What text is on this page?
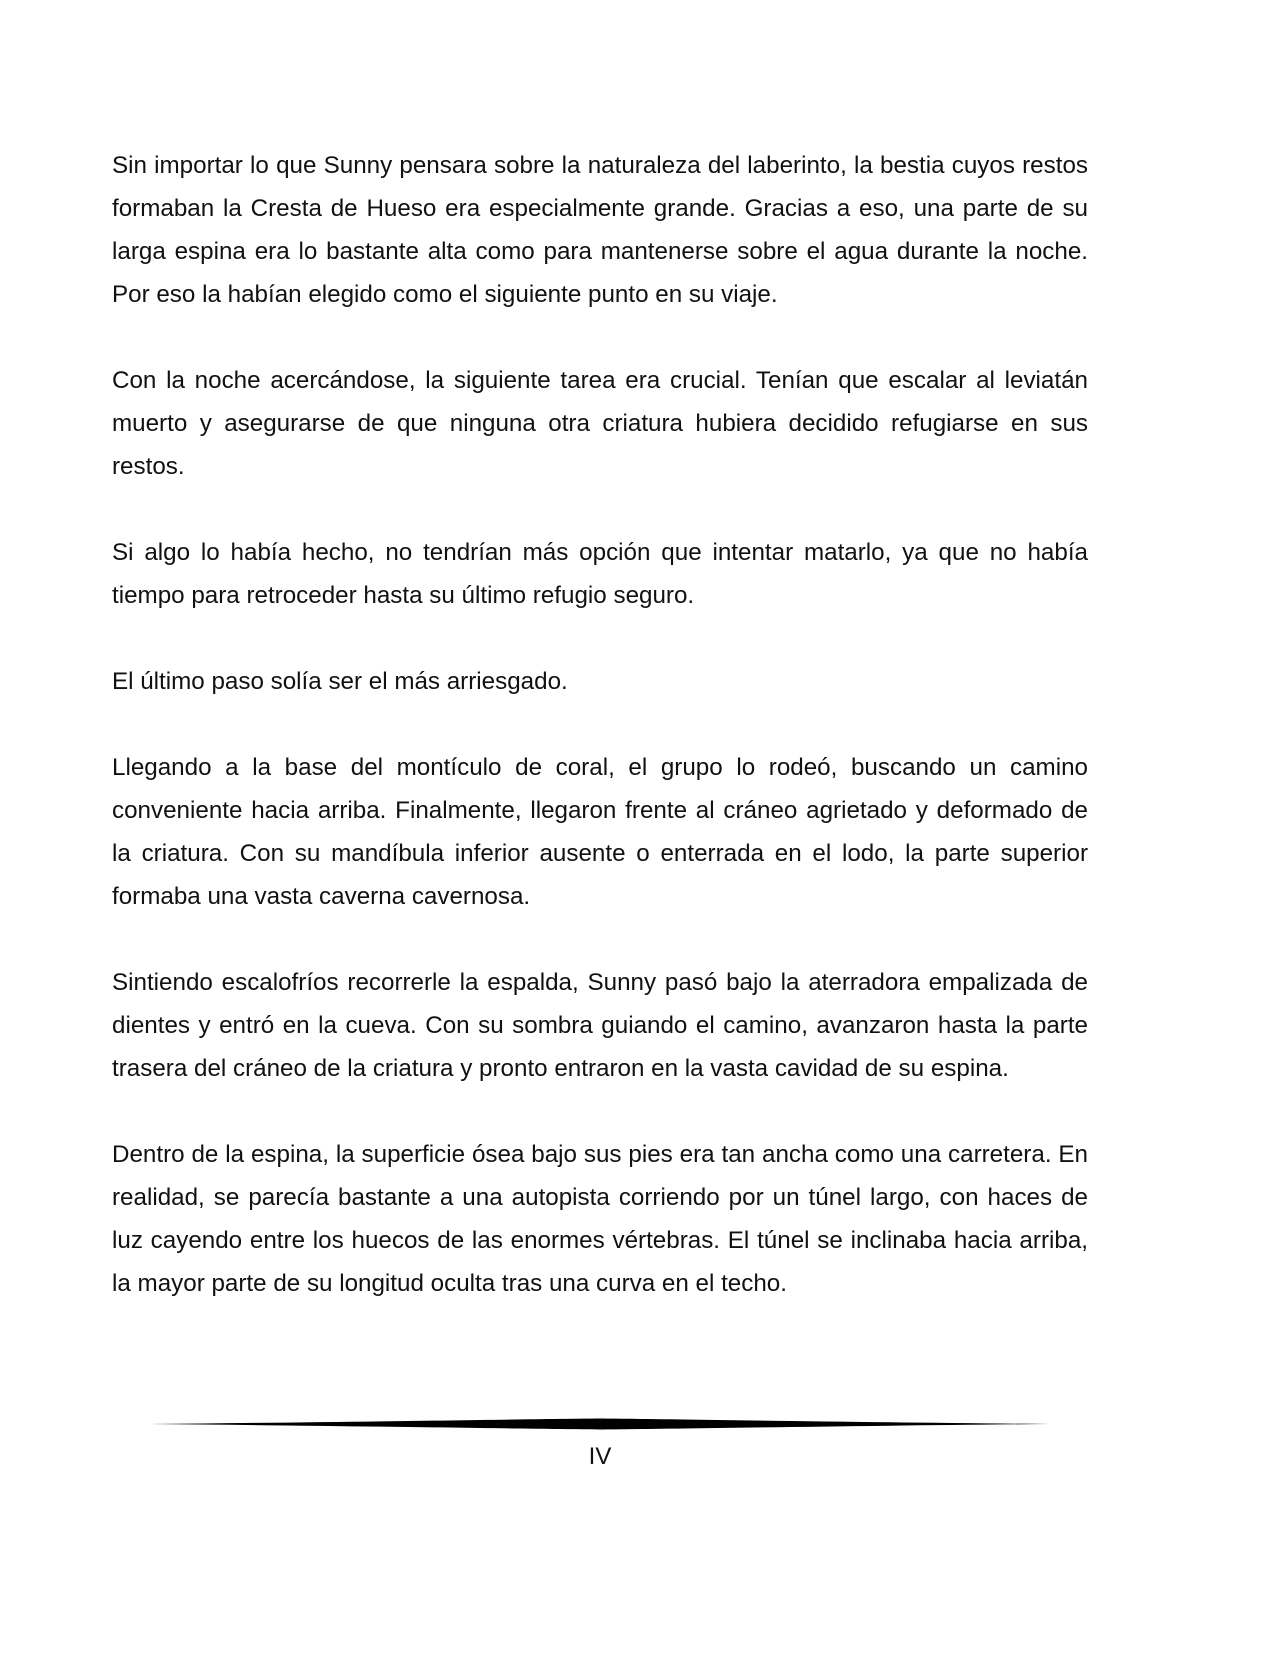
Sin importar lo que Sunny pensara sobre la naturaleza del laberinto, la bestia cuyos restos formaban la Cresta de Hueso era especialmente grande. Gracias a eso, una parte de su larga espina era lo bastante alta como para mantenerse sobre el agua durante la noche. Por eso la habían elegido como el siguiente punto en su viaje.

Con la noche acercándose, la siguiente tarea era crucial. Tenían que escalar al leviatán muerto y asegurarse de que ninguna otra criatura hubiera decidido refugiarse en sus restos.

Si algo lo había hecho, no tendrían más opción que intentar matarlo, ya que no había tiempo para retroceder hasta su último refugio seguro.

El último paso solía ser el más arriesgado.

Llegando a la base del montículo de coral, el grupo lo rodeó, buscando un camino conveniente hacia arriba. Finalmente, llegaron frente al cráneo agrietado y deformado de la criatura. Con su mandíbula inferior ausente o enterrada en el lodo, la parte superior formaba una vasta caverna cavernosa.

Sintiendo escalofríos recorrerle la espalda, Sunny pasó bajo la aterradora empalizada de dientes y entró en la cueva. Con su sombra guiando el camino, avanzaron hasta la parte trasera del cráneo de la criatura y pronto entraron en la vasta cavidad de su espina.

Dentro de la espina, la superficie ósea bajo sus pies era tan ancha como una carretera. En realidad, se parecía bastante a una autopista corriendo por un túnel largo, con haces de luz cayendo entre los huecos de las enormes vértebras. El túnel se inclinaba hacia arriba, la mayor parte de su longitud oculta tras una curva en el techo.

IV
